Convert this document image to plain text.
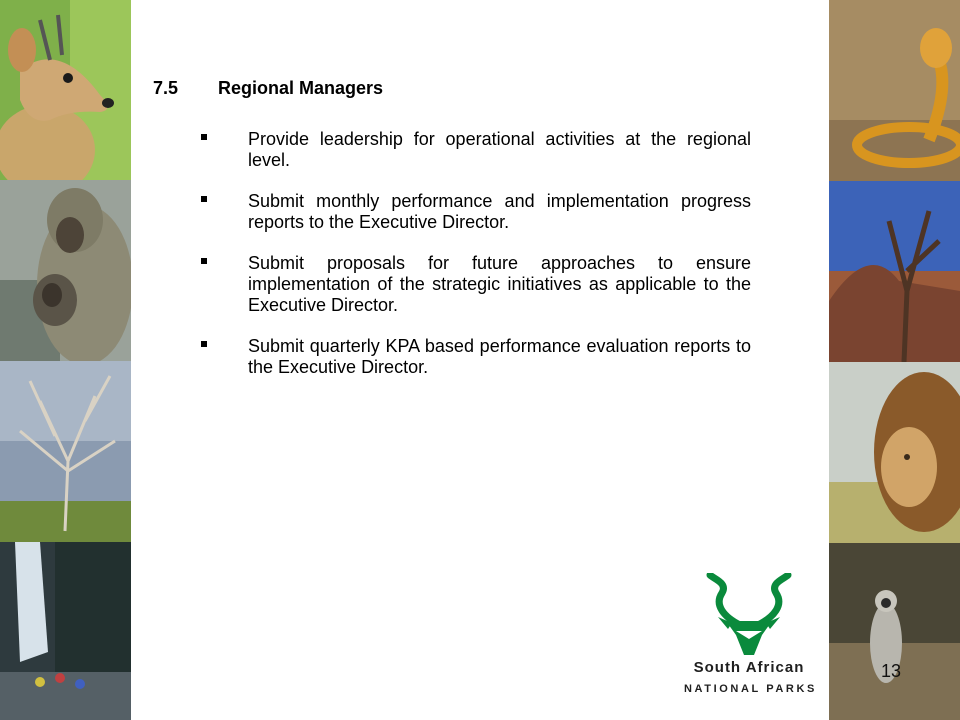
7.5 Regional Managers
Provide leadership for operational activities at the regional level.
Submit monthly performance and implementation progress reports to the Executive Director.
Submit proposals for future approaches to ensure implementation of the strategic initiatives as applicable to the Executive Director.
Submit quarterly KPA based performance evaluation reports to the Executive Director.
South African
NATIONAL PARKS
13
